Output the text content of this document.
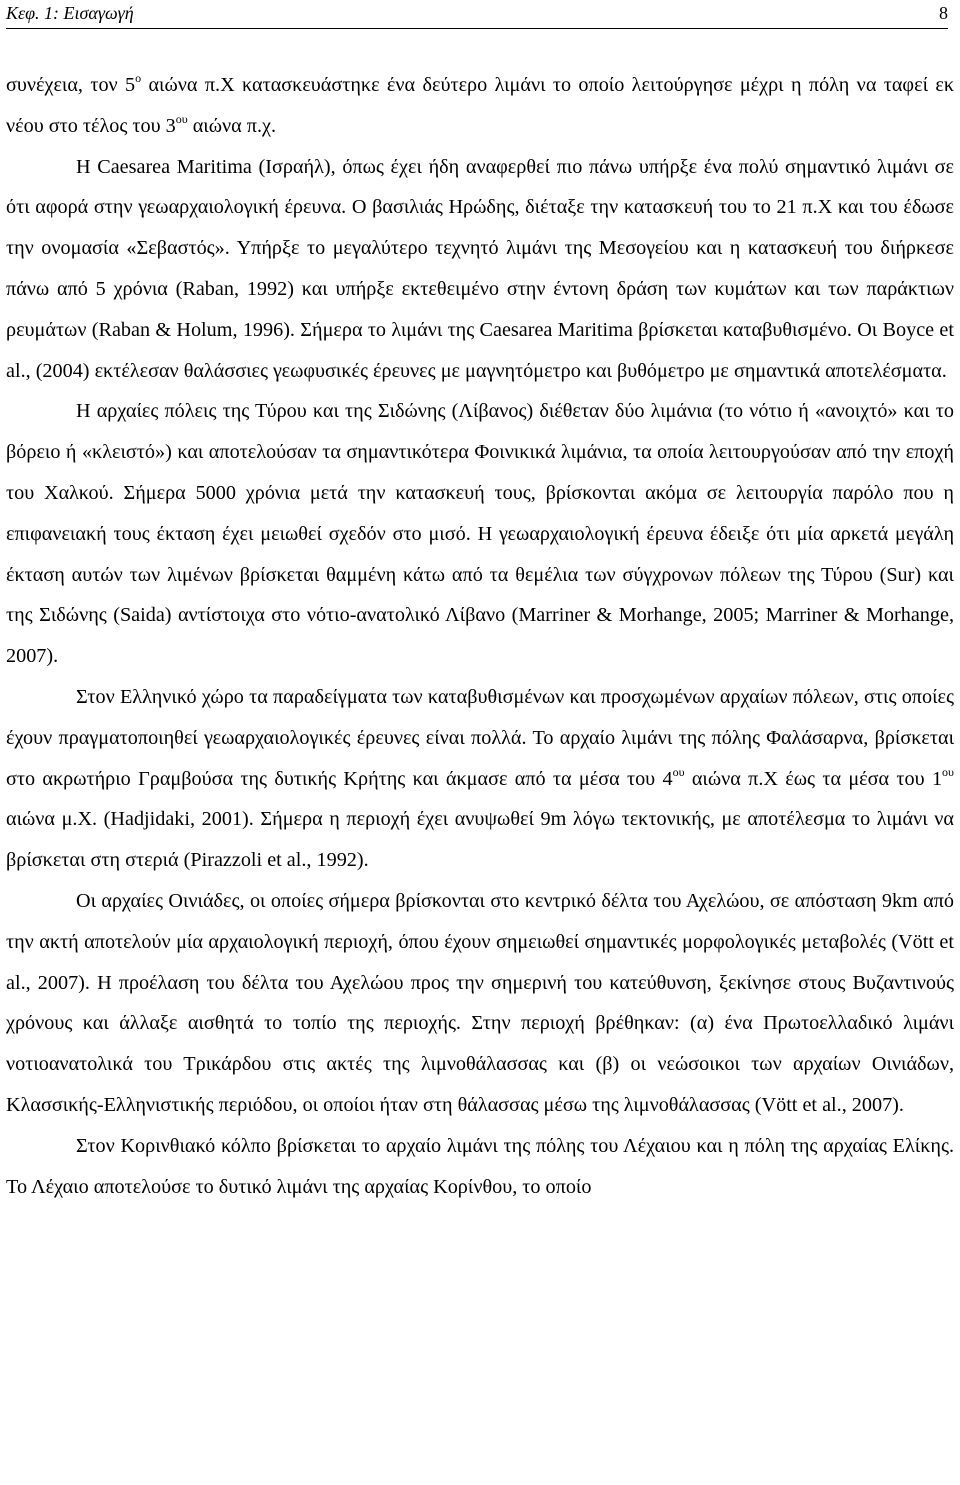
Κεφ. 1: Εισαγωγή	8

συνέχεια, τον $5^o$ αιώνα π.Χ κατασκευάστηκε ένα δεύτερο λιμάνι το οποίο λειτούργησε μέχρι η πόλη να ταφεί εκ νέου στο τέλος του $3^{o\upsilon}$ αιώνα π.χ.

Η Caesarea Maritima (Ισραήλ), όπως έχει ήδη αναφερθεί πιο πάνω υπήρξε ένα πολύ σημαντικό λιμάνι σε ότι αφορά στην γεωαρχαιολογική έρευνα. Ο βασιλιάς Ηρώδης, διέταξε την κατασκευή του το 21 π.Χ και του έδωσε την ονομασία «Σεβαστός». Υπήρξε το μεγαλύτερο τεχνητό λιμάνι της Μεσογείου και η κατασκευή του διήρκεσε πάνω από 5 χρόνια (Raban, 1992) και υπήρξε εκτεθειμένο στην έντονη δράση των κυμάτων και των παράκτιων ρευμάτων (Raban & Holum, 1996). Σήμερα το λιμάνι της Caesarea Maritima βρίσκεται καταβυθισμένο. Οι Boyce et al., (2004) εκτέλεσαν θαλάσσιες γεωφυσικές έρευνες με μαγνητόμετρο και βυθόμετρο με σημαντικά αποτελέσματα.

Η αρχαίες πόλεις της Τύρου και της Σιδώνης (Λίβανος) διέθεταν δύο λιμάνια (το νότιο ή «ανοιχτό» και το βόρειο ή «κλειστό») και αποτελούσαν τα σημαντικότερα Φοινικικά λιμάνια, τα οποία λειτουργούσαν από την εποχή του Χαλκού. Σήμερα 5000 χρόνια μετά την κατασκευή τους, βρίσκονται ακόμα σε λειτουργία παρόλο που η επιφανειακή τους έκταση έχει μειωθεί σχεδόν στο μισό. Η γεωαρχαιολογική έρευνα έδειξε ότι μία αρκετά μεγάλη έκταση αυτών των λιμένων βρίσκεται θαμμένη κάτω από τα θεμέλια των σύγχρονων πόλεων της Τύρου (Sur) και της Σιδώνης (Saida) αντίστοιχα στο νότιο-ανατολικό Λίβανο (Marriner & Morhange, 2005; Marriner & Morhange, 2007).

Στον Ελληνικό χώρο τα παραδείγματα των καταβυθισμένων και προσχωμένων αρχαίων πόλεων, στις οποίες έχουν πραγματοποιηθεί γεωαρχαιολογικές έρευνες είναι πολλά. Το αρχαίο λιμάνι της πόλης Φαλάσαρνα, βρίσκεται στο ακρωτήριο Γραμβούσα της δυτικής Κρήτης και άκμασε από τα μέσα του $4^{o\upsilon}$ αιώνα π.Χ έως τα μέσα του $1^{o\upsilon}$ αιώνα μ.Χ. (Hadjidaki, 2001). Σήμερα η περιοχή έχει ανυψωθεί 9m λόγω τεκτονικής, με αποτέλεσμα το λιμάνι να βρίσκεται στη στεριά (Pirazzoli et al., 1992).

Οι αρχαίες Οινιάδες, οι οποίες σήμερα βρίσκονται στο κεντρικό δέλτα του Αχελώου, σε απόσταση 9km από την ακτή αποτελούν μία αρχαιολογική περιοχή, όπου έχουν σημειωθεί σημαντικές μορφολογικές μεταβολές (Vött et al., 2007). Η προέλαση του δέλτα του Αχελώου προς την σημερινή του κατεύθυνση, ξεκίνησε στους Βυζαντινούς χρόνους και άλλαξε αισθητά το τοπίο της περιοχής. Στην περιοχή βρέθηκαν: (α) ένα Πρωτοελλαδικό λιμάνι νοτιοανατολικά του Τρικάρδου στις ακτές της λιμνοθάλασσας και (β) οι νεώσοικοι των αρχαίων Οινιάδων, Κλασσικής-Ελληνιστικής περιόδου, οι οποίοι ήταν στη θάλασσας μέσω της λιμνοθάλασσας (Vött et al., 2007).

Στον Κορινθιακό κόλπο βρίσκεται το αρχαίο λιμάνι της πόλης του Λέχαιου και η πόλη της αρχαίας Ελίκης. Το Λέχαιο αποτελούσε το δυτικό λιμάνι της αρχαίας Κορίνθου, το οποίο
